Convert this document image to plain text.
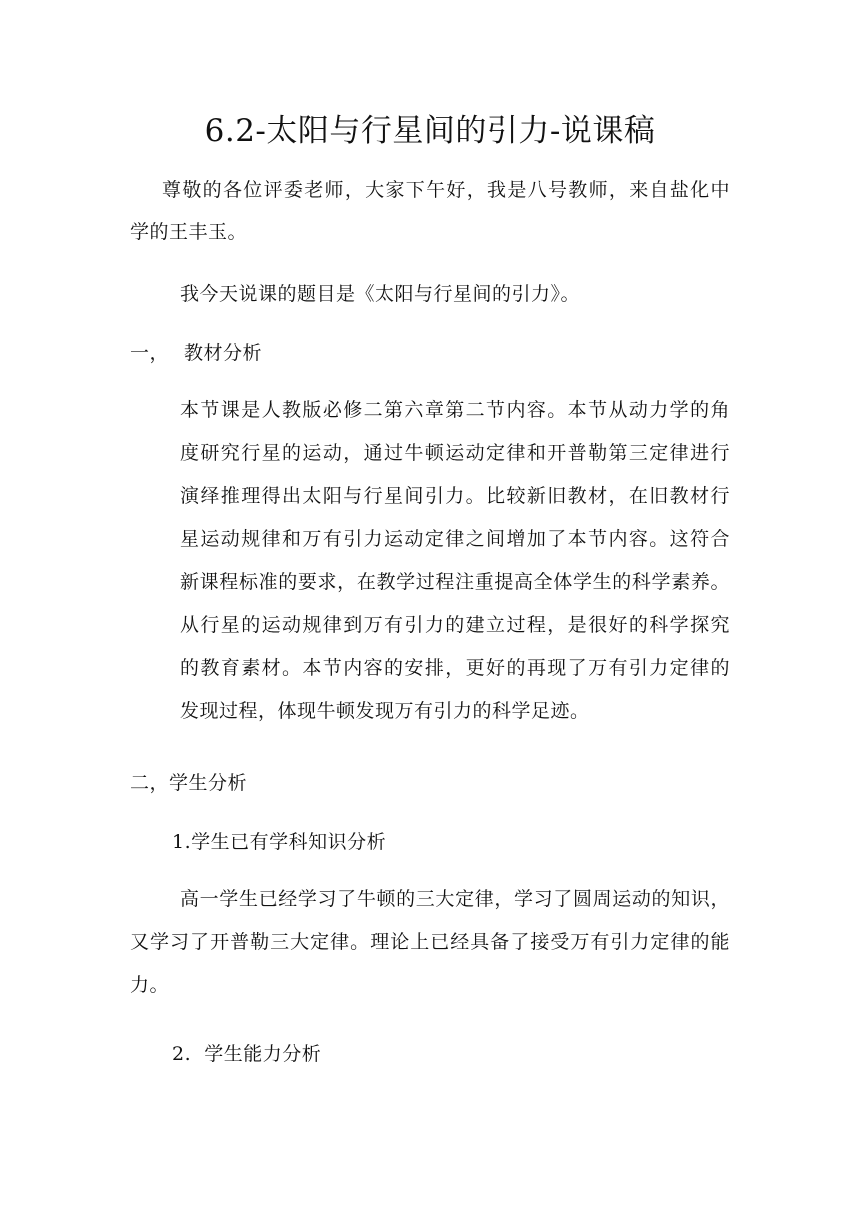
6.2-太阳与行星间的引力-说课稿
尊敬的各位评委老师，大家下午好，我是八号教师，来自盐化中
学的王丰玉。
我今天说课的题目是《太阳与行星间的引力》。
一， 教材分析
本节课是人教版必修二第六章第二节内容。本节从动力学的角
度研究行星的运动，通过牛顿运动定律和开普勒第三定律进行
演绎推理得出太阳与行星间引力。比较新旧教材，在旧教材行
星运动规律和万有引力运动定律之间增加了本节内容。这符合
新课程标准的要求，在教学过程注重提高全体学生的科学素养。
从行星的运动规律到万有引力的建立过程，是很好的科学探究
的教育素材。本节内容的安排，更好的再现了万有引力定律的
发现过程，体现牛顿发现万有引力的科学足迹。
二，学生分析
1.学生已有学科知识分析
高一学生已经学习了牛顿的三大定律，学习了圆周运动的知识，
又学习了开普勒三大定律。理论上已经具备了接受万有引力定律的能
力。
2.  学生能力分析
